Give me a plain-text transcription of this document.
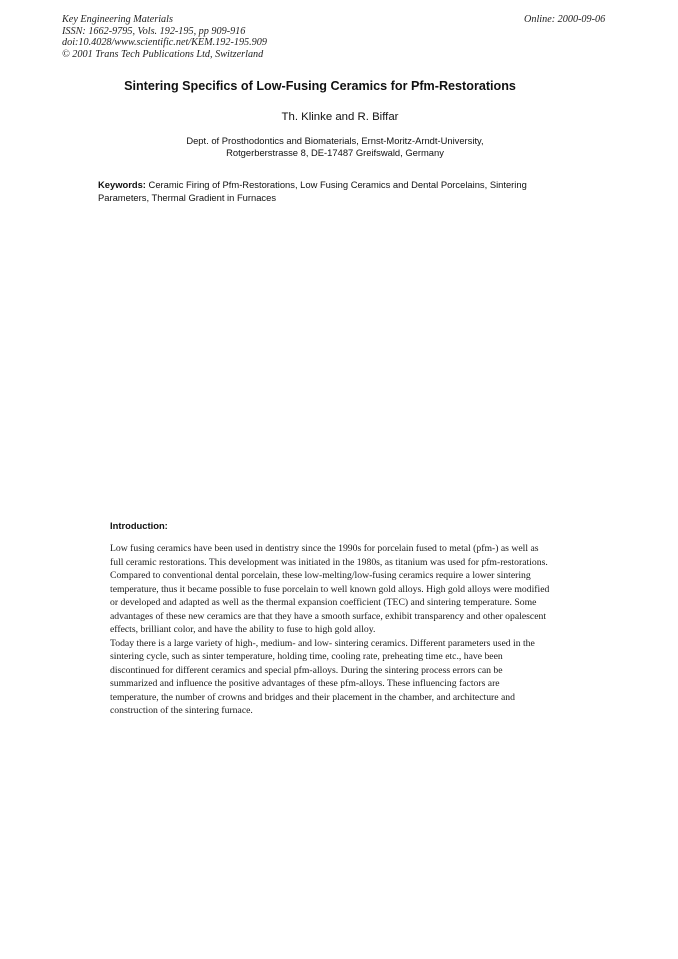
Key Engineering Materials
ISSN: 1662-9795, Vols. 192-195, pp 909-916
doi:10.4028/www.scientific.net/KEM.192-195.909
© 2001 Trans Tech Publications Ltd, Switzerland
Online: 2000-09-06
Sintering Specifics of Low-Fusing Ceramics for Pfm-Restorations
Th. Klinke and R. Biffar
Dept. of Prosthodontics and Biomaterials, Ernst-Moritz-Arndt-University,
Rotgerberstrasse 8, DE-17487 Greifswald, Germany
Keywords: Ceramic Firing of Pfm-Restorations, Low Fusing Ceramics and Dental Porcelains, Sintering Parameters, Thermal Gradient in Furnaces
Introduction:

Low fusing ceramics have been used in dentistry since the 1990s for porcelain fused to metal (pfm-) as well as full ceramic restorations. This development was initiated in the 1980s, as titanium was used for pfm-restorations. Compared to conventional dental porcelain, these low-melting/low-fusing ceramics require a lower sintering temperature, thus it became possible to fuse porcelain to well known gold alloys. High gold alloys were modified or developed and adapted as well as the thermal expansion coefficient (TEC) and sintering temperature. Some advantages of these new ceramics are that they have a smooth surface, exhibit transparency and other opalescent effects, brilliant color, and have the ability to fuse to high gold alloy.

Today there is a large variety of high-, medium- and low- sintering ceramics. Different parameters used in the sintering cycle, such as sinter temperature, holding time, cooling rate, preheating time etc., have been discontinued for different ceramics and special pfm-alloys. During the sintering process errors can be summarized and influence the positive advantages of these pfm-alloys. These influencing factors are temperature, the number of crowns and bridges and their placement in the chamber, and architecture and construction of the sintering furnace.
